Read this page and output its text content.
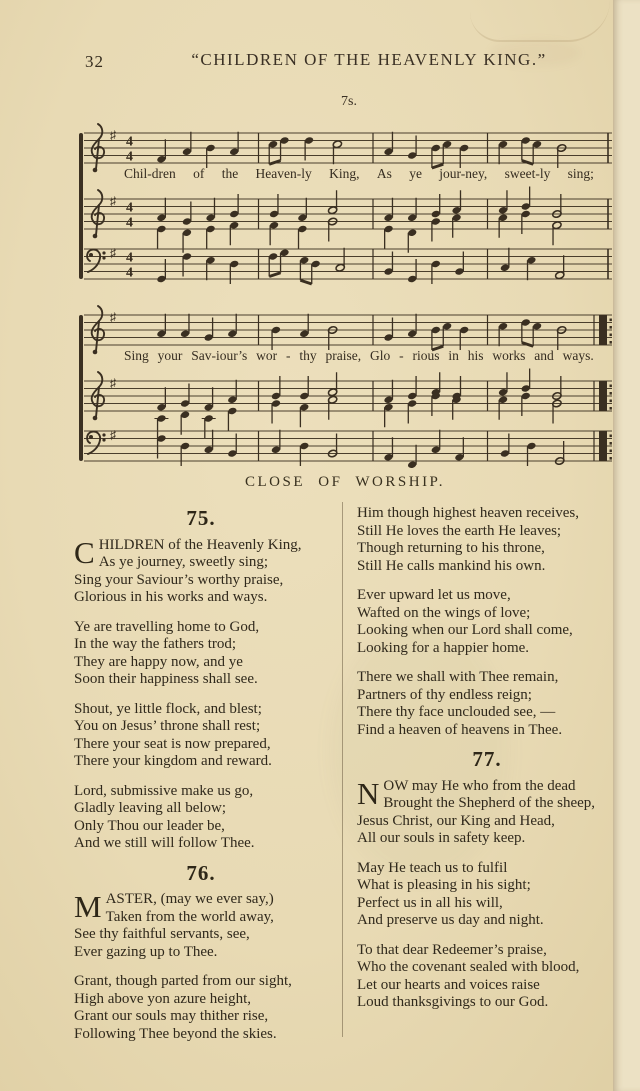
32	“CHILDREN OF THE HEAVENLY KING.”
7s.
♯ 4
4
♯ 4
4
♯ 4
4
Chil-dren of the Heaven-ly King, As ye jour-ney, sweet-ly sing;
♯
♯
♯
Sing your Sav-iour’s wor - thy praise, Glo - rious in his works and ways.
CLOSE OF WORSHIP.
75.
CHILDREN of the Heavenly King,
As ye journey, sweetly sing;
Sing your Saviour’s worthy praise,
Glorious in his works and ways.
Ye are travelling home to God,
In the way the fathers trod;
They are happy now, and ye
Soon their happiness shall see.
Shout, ye little flock, and blest;
You on Jesus’ throne shall rest;
There your seat is now prepared,
There your kingdom and reward.
Lord, submissive make us go,
Gladly leaving all below;
Only Thou our leader be,
And we still will follow Thee.
76.
MASTER, (may we ever say,)
Taken from the world away,
See thy faithful servants, see,
Ever gazing up to Thee.
Grant, though parted from our sight,
High above yon azure height,
Grant our souls may thither rise,
Following Thee beyond the skies.
Him though highest heaven receives,
Still He loves the earth He leaves;
Though returning to his throne,
Still He calls mankind his own.
Ever upward let us move,
Wafted on the wings of love;
Looking when our Lord shall come,
Looking for a happier home.
There we shall with Thee remain,
Partners of thy endless reign;
There thy face unclouded see, —
Find a heaven of heavens in Thee.
77.
NOW may He who from the dead
Brought the Shepherd of the sheep,
Jesus Christ, our King and Head,
All our souls in safety keep.
May He teach us to fulfil
What is pleasing in his sight;
Perfect us in all his will,
And preserve us day and night.
To that dear Redeemer’s praise,
Who the covenant sealed with blood,
Let our hearts and voices raise
Loud thanksgivings to our God.
